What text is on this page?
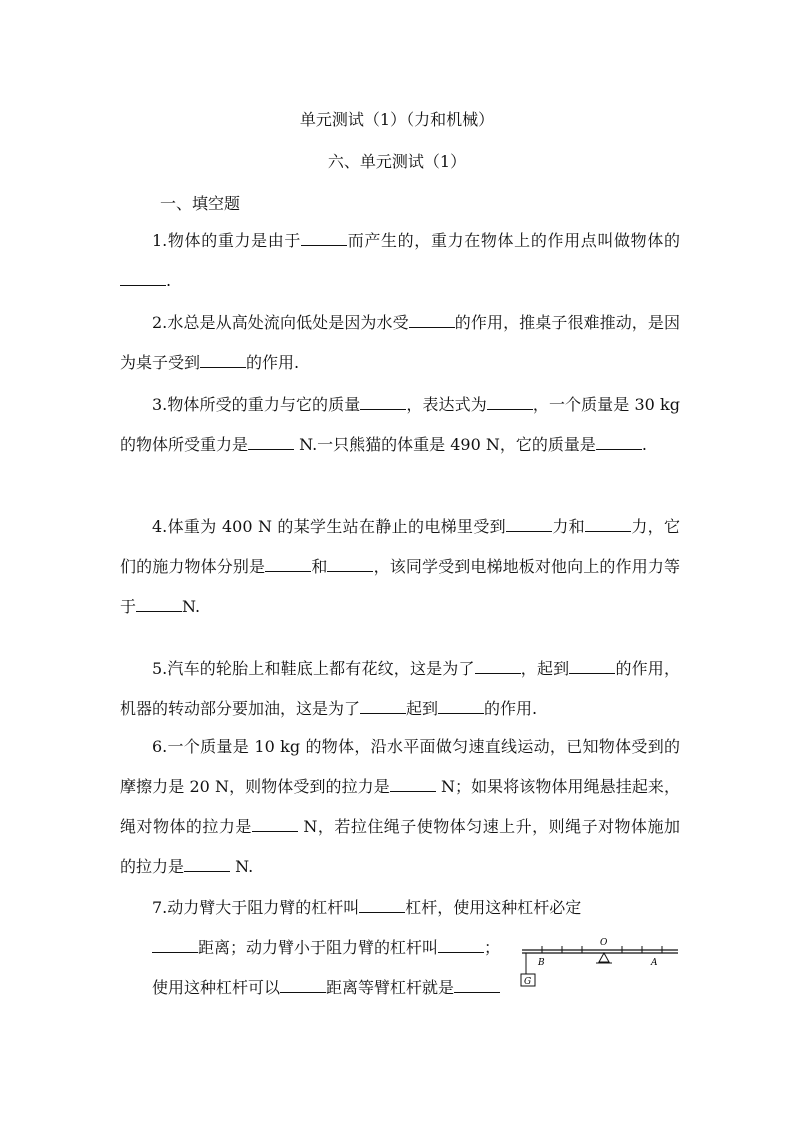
单元测试（1）（力和机械）
六、单元测试（1）
一、填空题

1.物体的重力是由于	而产生的，重力在物体上的作用点叫做物体的.

2.水总是从高处流向低处是因为水受	的作用，推桌子很难推动，是因为桌子受到	的作用.

3.物体所受的重力与它的质量	，表达式为	，一个质量是 30 kg 的物体所受重力是	N.一只熊猫的体重是 490 N，它的质量是	.

4.体重为 400 N 的某学生站在静止的电梯里受到	力和	力，它们的施力物体分别是	和	，该同学受到电梯地板对他向上的作用力等于	N.

5.汽车的轮胎上和鞋底上都有花纹，这是为了	，起到	的作用，机器的转动部分要加油，这是为了	起到	的作用.

6.一个质量是 10 kg 的物体，沿水平面做匀速直线运动，已知物体受到的摩擦力是 20 N，则物体受到的拉力是	N；如果将该物体用绳悬挂起来，绳对物体的拉力是	N，若拉住绳子使物体匀速上升，则绳子对物体施加的拉力是	N.

7.动力臂大于阻力臂的杠杆叫	杠杆，使用这种杠杆必定

距离；动力臂小于阻力臂的杠杆叫	；

使用这种杠杆可以	距离等臂杠杆就是	G
O
B	A
